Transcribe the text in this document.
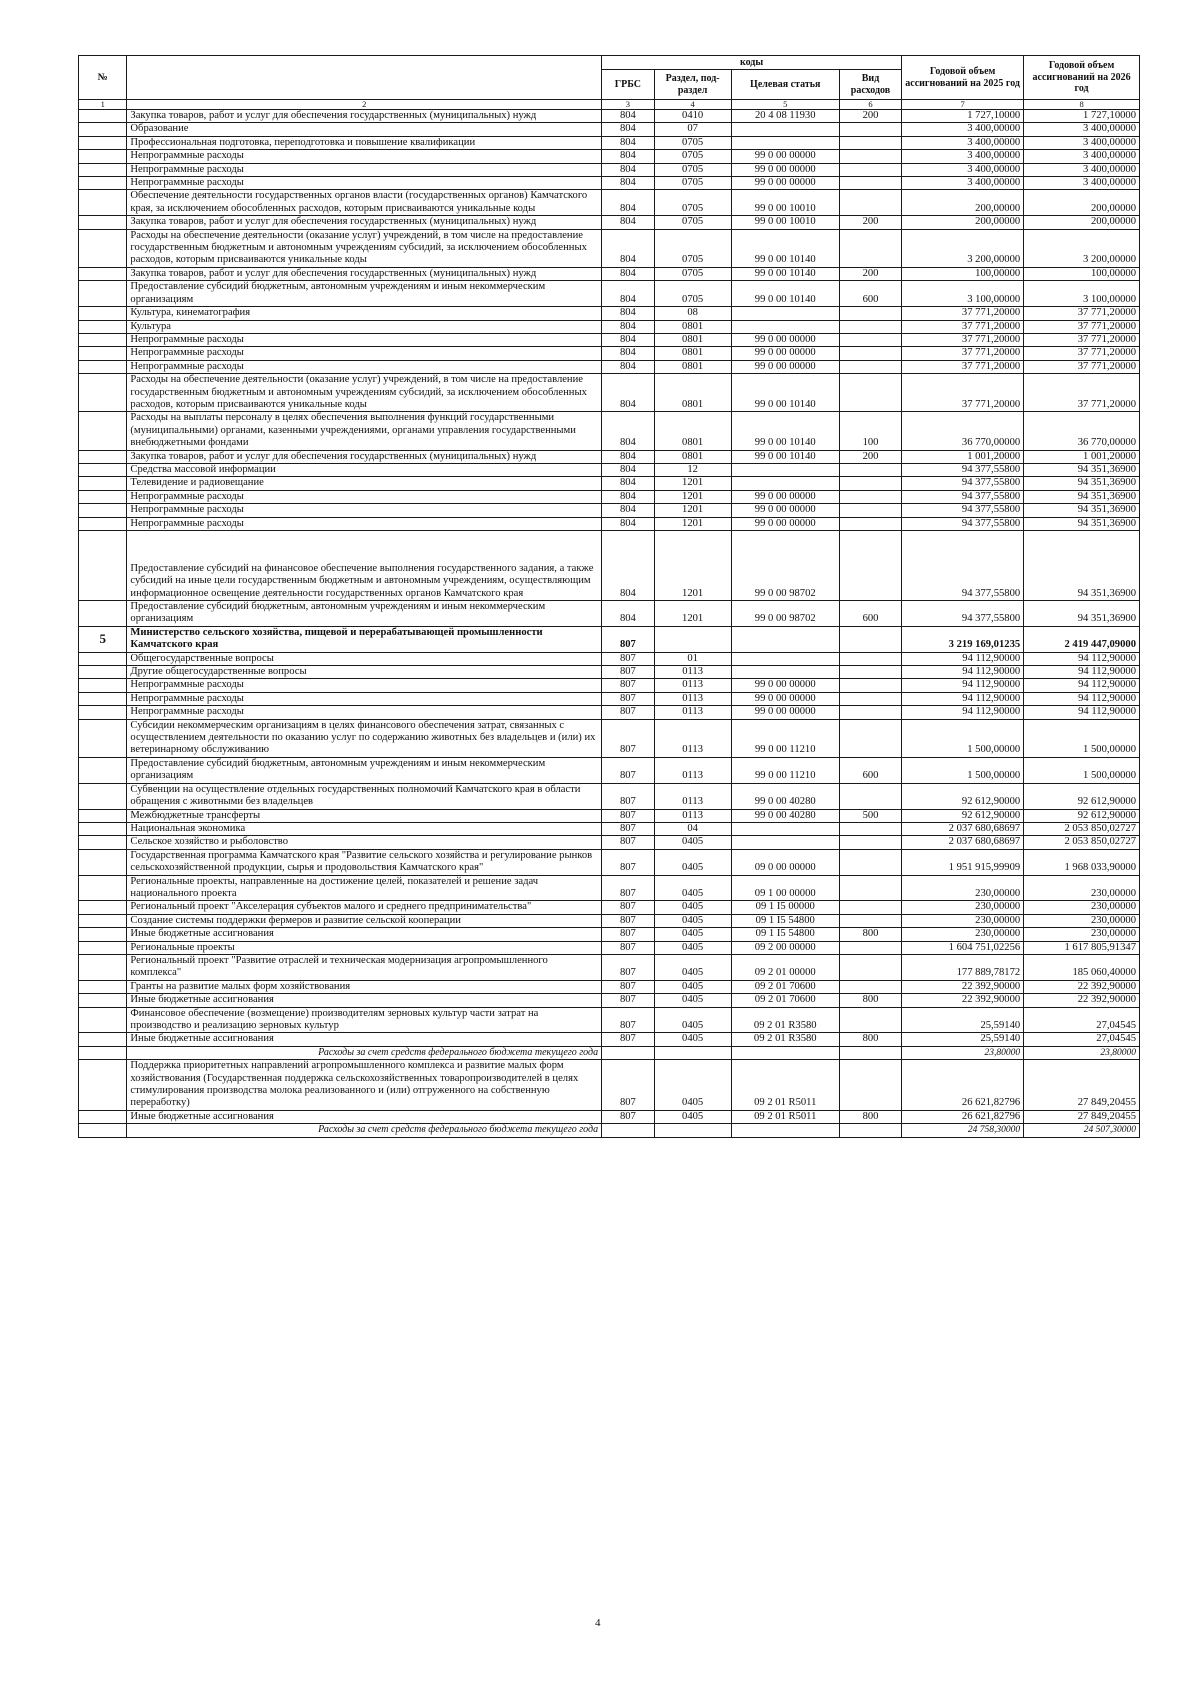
№		коды				Годовой объем ассигнований на 2025 год	Годовой объем ассигнований на 2026 год
		ГРБС	Раздел, под-раздел	Целевая статья	Вид расходов		
1	2	3	4	5	6	7	8
	Закупка товаров, работ и услуг для обеспечения государственных (муниципальных) нужд	804	0410	20 4 08 11930	200	1 727,10000	1 727,10000
	Образование	804	07			3 400,00000	3 400,00000
	Профессиональная подготовка, переподготовка и повышение квалификации	804	0705			3 400,00000	3 400,00000
	Непрограммные расходы	804	0705	99 0 00 00000		3 400,00000	3 400,00000
	Непрограммные расходы	804	0705	99 0 00 00000		3 400,00000	3 400,00000
	Непрограммные расходы	804	0705	99 0 00 00000		3 400,00000	3 400,00000
	Обеспечение деятельности государственных органов власти (государственных органов) Камчатского края, за исключением обособленных расходов, которым присваиваются уникальные коды	804	0705	99 0 00 10010		200,00000	200,00000
	Закупка товаров, работ и услуг для обеспечения государственных (муниципальных) нужд	804	0705	99 0 00 10010	200	200,00000	200,00000
	Расходы на обеспечение деятельности (оказание услуг) учреждений, в том числе на предоставление государственным бюджетным и автономным учреждениям субсидий, за исключением обособленных расходов, которым присваиваются уникальные коды	804	0705	99 0 00 10140		3 200,00000	3 200,00000
	Закупка товаров, работ и услуг для обеспечения государственных (муниципальных) нужд	804	0705	99 0 00 10140	200	100,00000	100,00000
	Предоставление субсидий бюджетным, автономным учреждениям и иным некоммерческим организациям	804	0705	99 0 00 10140	600	3 100,00000	3 100,00000
	Культура, кинематография	804	08			37 771,20000	37 771,20000
	Культура	804	0801			37 771,20000	37 771,20000
	Непрограммные расходы	804	0801	99 0 00 00000		37 771,20000	37 771,20000
	Непрограммные расходы	804	0801	99 0 00 00000		37 771,20000	37 771,20000
	Непрограммные расходы	804	0801	99 0 00 00000		37 771,20000	37 771,20000
	Расходы на обеспечение деятельности (оказание услуг) учреждений, в том числе на предоставление государственным бюджетным и автономным учреждениям субсидий, за исключением обособленных расходов, которым присваиваются уникальные коды	804	0801	99 0 00 10140		37 771,20000	37 771,20000
	Расходы на выплаты персоналу в целях обеспечения выполнения функций государственными (муниципальными) органами, казенными учреждениями, органами управления государственными внебюджетными фондами	804	0801	99 0 00 10140	100	36 770,00000	36 770,00000
	Закупка товаров, работ и услуг для обеспечения государственных (муниципальных) нужд	804	0801	99 0 00 10140	200	1 001,20000	1 001,20000
	Средства массовой информации	804	12			94 377,55800	94 351,36900
	Телевидение и радиовещание	804	1201			94 377,55800	94 351,36900
	Непрограммные расходы	804	1201	99 0 00 00000		94 377,55800	94 351,36900
	Непрограммные расходы	804	1201	99 0 00 00000		94 377,55800	94 351,36900
	Непрограммные расходы	804	1201	99 0 00 00000		94 377,55800	94 351,36900
	Предоставление субсидий на финансовое обеспечение выполнения государственного задания, а также субсидий на иные цели государственным бюджетным и автономным учреждениям, осуществляющим информационное освещение деятельности государственных органов Камчатского края	804	1201	99 0 00 98702		94 377,55800	94 351,36900
	Предоставление субсидий бюджетным, автономным учреждениям и иным некоммерческим организациям	804	1201	99 0 00 98702	600	94 377,55800	94 351,36900
5	Министерство сельского хозяйства, пищевой и перерабатывающей промышленности Камчатского края	807				3 219 169,01235	2 419 447,09000
	Общегосударственные вопросы	807	01			94 112,90000	94 112,90000
	Другие общегосударственные вопросы	807	0113			94 112,90000	94 112,90000
	Непрограммные расходы	807	0113	99 0 00 00000		94 112,90000	94 112,90000
	Непрограммные расходы	807	0113	99 0 00 00000		94 112,90000	94 112,90000
	Непрограммные расходы	807	0113	99 0 00 00000		94 112,90000	94 112,90000
	Субсидии некоммерческим организациям в целях финансового обеспечения затрат, связанных с осуществлением деятельности по оказанию услуг по содержанию животных без владельцев и (или) их ветеринарному обслуживанию	807	0113	99 0 00 11210		1 500,00000	1 500,00000
	Предоставление субсидий бюджетным, автономным учреждениям и иным некоммерческим организациям	807	0113	99 0 00 11210	600	1 500,00000	1 500,00000
	Субвенции на осуществление отдельных государственных полномочий Камчатского края в области обращения с животными без владельцев	807	0113	99 0 00 40280		92 612,90000	92 612,90000
	Межбюджетные трансферты	807	0113	99 0 00 40280	500	92 612,90000	92 612,90000
	Национальная экономика	807	04			2 037 680,68697	2 053 850,02727
	Сельское хозяйство и рыболовство	807	0405			2 037 680,68697	2 053 850,02727
	Государственная программа Камчатского края "Развитие сельского хозяйства и регулирование рынков сельскохозяйственной продукции, сырья и продовольствия Камчатского края"	807	0405	09 0 00 00000		1 951 915,99909	1 968 033,90000
	Региональные проекты, направленные на достижение целей, показателей и решение задач национального проекта	807	0405	09 1 00 00000		230,00000	230,00000
	Региональный проект "Акселерация субъектов малого и среднего предпринимательства"	807	0405	09 1 I5 00000		230,00000	230,00000
	Создание системы поддержки фермеров и развитие сельской кооперации	807	0405	09 1 I5 54800		230,00000	230,00000
	Иные бюджетные ассигнования	807	0405	09 1 I5 54800	800	230,00000	230,00000
	Региональные проекты	807	0405	09 2 00 00000		1 604 751,02256	1 617 805,91347
	Региональный проект "Развитие отраслей и техническая модернизация агропромышленного комплекса"	807	0405	09 2 01 00000		177 889,78172	185 060,40000
	Гранты на развитие малых форм хозяйствования	807	0405	09 2 01 70600		22 392,90000	22 392,90000
	Иные бюджетные ассигнования	807	0405	09 2 01 70600	800	22 392,90000	22 392,90000
	Финансовое обеспечение (возмещение) производителям зерновых культур части затрат на производство и реализацию зерновых культур	807	0405	09 2 01 R3580		25,59140	27,04545
	Иные бюджетные ассигнования	807	0405	09 2 01 R3580	800	25,59140	27,04545
	Расходы за счет средств федерального бюджета текущего года					23,80000	23,80000
	Поддержка приоритетных направлений агропромышленного комплекса и развитие малых форм хозяйствования (Государственная поддержка сельскохозяйственных товаропроизводителей в целях стимулирования производства молока реализованного и (или) отгруженного на собственную переработку)	807	0405	09 2 01 R5011		26 621,82796	27 849,20455
	Иные бюджетные ассигнования	807	0405	09 2 01 R5011	800	26 621,82796	27 849,20455
	Расходы за счет средств федерального бюджета текущего года					24 758,30000	24 507,30000
4
